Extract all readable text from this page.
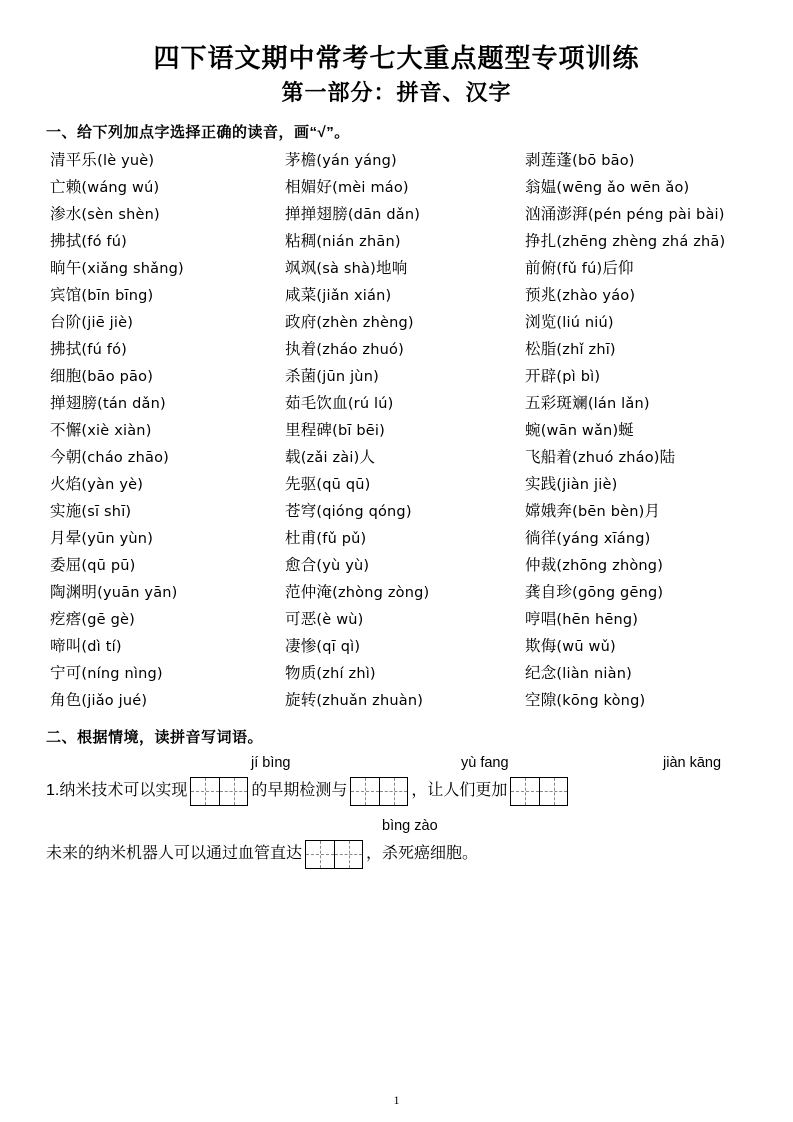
四下语文期中常考七大重点题型专项训练
第一部分：拼音、汉字
一、给下列加点字选择正确的读音，画“√”。
清平乐(lè yuè)	茅檐(yán yáng)	剥莲蓬(bō bāo)
亡赖(wáng wú)	相媚好(mèi máo)	翁媪(wēng ǎo wēn ǎo)
渗水(sèn shèn)	掸掸翅膀(dān dǎn)	汹涌澎湃(pén péng pài bài)
拂拭(fó fú)	粘稠(nián zhān)	挣扎(zhēng zhèng zhá zhā)
晌午(xiǎng shǎng)	飒飒(sà shà)地响	前俯(fǔ fú)后仰
宾馆(bīn bīng)	咸菜(jiǎn xián)	预兆(zhào yáo)
台阶(jiē jiè)	政府(zhèn zhèng)	浏览(liú niú)
拂拭(fú fó)	执着(zháo zhuó)	松脂(zhǐ zhī)
细胞(bāo pāo)	杀菌(jūn jùn)	开辟(pì bì)
掸翅膀(tán dǎn)	茹毛饮血(rú lú)	五彩斑斓(lán lǎn)
不懈(xiè xiàn)	里程碑(bī bēi)	蜿(wān wǎn)蜒
今朝(cháo zhāo)	载(zǎi zài)人	飞船着(zhuó zháo)陆
火焰(yàn yè)	先驱(qū qū)	实践(jiàn jiè)
实施(sī shī)	苍穹(qióng qóng)	嫦娥奔(bēn bèn)月
月晕(yūn yùn)	杜甫(fǔ pǔ)	徜徉(yáng xīáng)
委屈(qū pū)	愈合(yù yù)	仲裁(zhōng zhòng)
陶渊明(yuān yān)	范仲淹(zhòng zòng)	龚自珍(gōng gēng)
疙瘩(gē gè)	可恶(è wù)	哼唱(hēn hēng)
啼叫(dì tí)	凄惨(qī qì)	欺侮(wū wǔ)
宁可(níng nìng)	物质(zhí zhì)	纪念(liàn niàn)
角色(jiǎo jué)	旋转(zhuǎn zhuàn)	空隙(kōng kòng)
二、根据情境，读拼音写词语。
jí bìng	yù fang	jiàn kāng
1. 纳米技术可以实现	的早期检测与	，让人们更加
bìng zào
未来的纳米机器人可以通过血管直达	，杀死癌细胞。
1
